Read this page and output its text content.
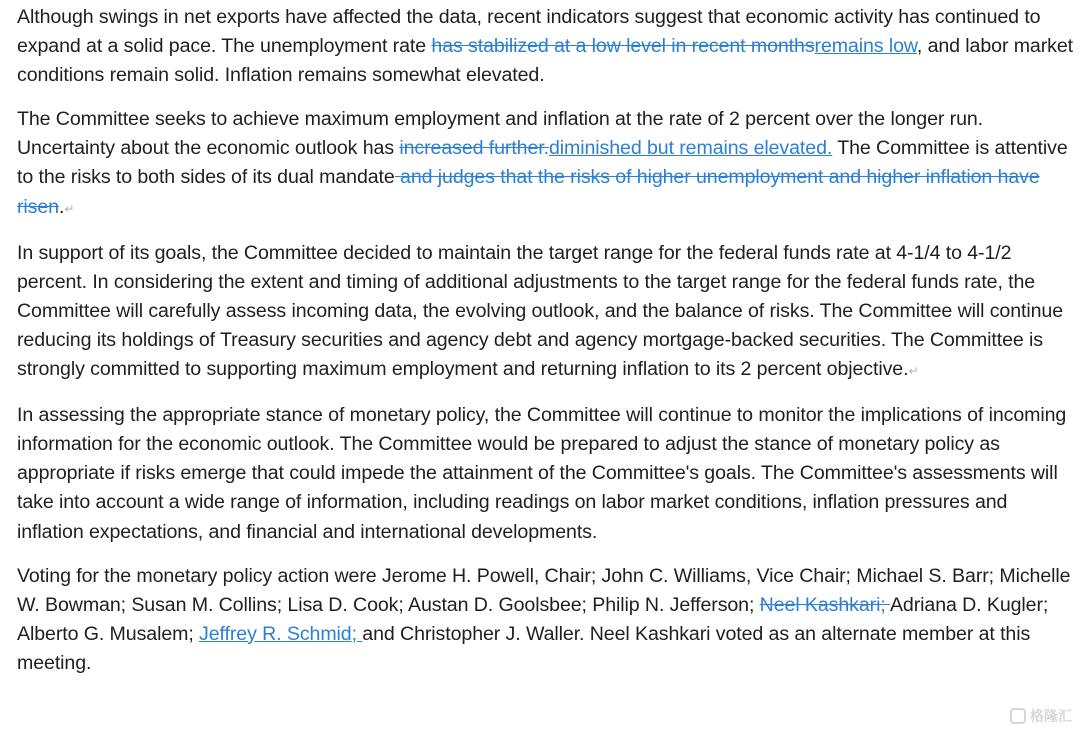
Although swings in net exports have affected the data, recent indicators suggest that economic activity has continued to expand at a solid pace. The unemployment rate has stabilized at a low level in recent monthsremains low, and labor market conditions remain solid. Inflation remains somewhat elevated.

The Committee seeks to achieve maximum employment and inflation at the rate of 2 percent over the longer run. Uncertainty about the economic outlook has increased further.diminished but remains elevated. The Committee is attentive to the risks to both sides of its dual mandate and judges that the risks of higher unemployment and higher inflation have risen.↵

In support of its goals, the Committee decided to maintain the target range for the federal funds rate at 4-1/4 to 4-1/2 percent. In considering the extent and timing of additional adjustments to the target range for the federal funds rate, the Committee will carefully assess incoming data, the evolving outlook, and the balance of risks. The Committee will continue reducing its holdings of Treasury securities and agency debt and agency mortgage-backed securities. The Committee is strongly committed to supporting maximum employment and returning inflation to its 2 percent objective.↵

In assessing the appropriate stance of monetary policy, the Committee will continue to monitor the implications of incoming information for the economic outlook. The Committee would be prepared to adjust the stance of monetary policy as appropriate if risks emerge that could impede the attainment of the Committee's goals. The Committee's assessments will take into account a wide range of information, including readings on labor market conditions, inflation pressures and inflation expectations, and financial and international developments.

Voting for the monetary policy action were Jerome H. Powell, Chair; John C. Williams, Vice Chair; Michael S. Barr; Michelle W. Bowman; Susan M. Collins; Lisa D. Cook; Austan D. Goolsbee; Philip N. Jefferson; Neel Kashkari; Adriana D. Kugler; Alberto G. Musalem; Jeffrey R. Schmid; and Christopher J. Waller. Neel Kashkari voted as an alternate member at this meeting.

格隆汇
